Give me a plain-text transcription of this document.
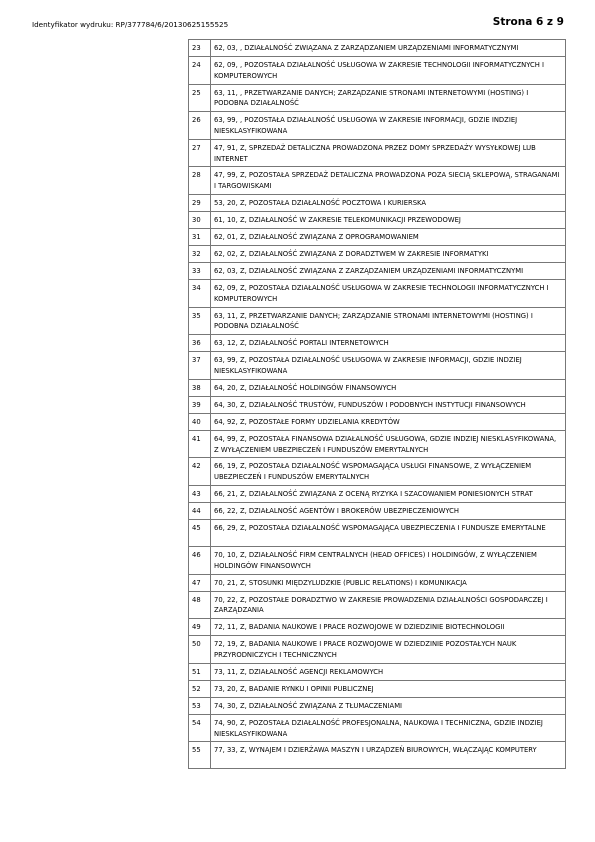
Identyfikator wydruku: RP/377784/6/20130625155525	Strona 6 z 9
23	62, 03, , DZIAŁALNOŚĆ ZWIĄZANA Z ZARZĄDZANIEM URZĄDZENIAMI INFORMATYCZNYMI
24	62, 09, , POZOSTAŁA DZIAŁALNOŚĆ USŁUGOWA W ZAKRESIE TECHNOLOGII INFORMATYCZNYCH I KOMPUTEROWYCH
25	63, 11, , PRZETWARZANIE DANYCH; ZARZĄDZANIE STRONAMI INTERNETOWYMI (HOSTING) I PODOBNA DZIAŁALNOŚĆ
26	63, 99, , POZOSTAŁA DZIAŁALNOŚĆ USŁUGOWA W ZAKRESIE INFORMACJI, GDZIE INDZIEJ NIESKLASYFIKOWANA
27	47, 91, Z, SPRZEDAŻ DETALICZNA PROWADZONA PRZEZ DOMY SPRZEDAŻY WYSYŁKOWEJ LUB INTERNET
28	47, 99, Z, POZOSTAŁA SPRZEDAŻ DETALICZNA PROWADZONA POZA SIECIĄ SKLEPOWĄ, STRAGANAMI I TARGOWISKAMI
29	53, 20, Z, POZOSTAŁA DZIAŁALNOŚĆ POCZTOWA I KURIERSKA
30	61, 10, Z, DZIAŁALNOŚĆ W ZAKRESIE TELEKOMUNIKACJI PRZEWODOWEJ
31	62, 01, Z, DZIAŁALNOŚĆ ZWIĄZANA Z OPROGRAMOWANIEM
32	62, 02, Z, DZIAŁALNOŚĆ ZWIĄZANA Z DORADZTWEM W ZAKRESIE INFORMATYKI
33	62, 03, Z, DZIAŁALNOŚĆ ZWIĄZANA Z ZARZĄDZANIEM URZĄDZENIAMI INFORMATYCZNYMI
34	62, 09, Z, POZOSTAŁA DZIAŁALNOŚĆ USŁUGOWA W ZAKRESIE TECHNOLOGII INFORMATYCZNYCH I KOMPUTEROWYCH
35	63, 11, Z, PRZETWARZANIE DANYCH; ZARZĄDZANIE STRONAMI INTERNETOWYMI (HOSTING) I PODOBNA DZIAŁALNOŚĆ
36	63, 12, Z, DZIAŁALNOŚĆ PORTALI INTERNETOWYCH
37	63, 99, Z, POZOSTAŁA DZIAŁALNOŚĆ USŁUGOWA W ZAKRESIE INFORMACJI, GDZIE INDZIEJ NIESKLASYFIKOWANA
38	64, 20, Z, DZIAŁALNOŚĆ HOLDINGÓW FINANSOWYCH
39	64, 30, Z, DZIAŁALNOŚĆ TRUSTÓW, FUNDUSZÓW I PODOBNYCH INSTYTUCJI FINANSOWYCH
40	64, 92, Z, POZOSTAŁE FORMY UDZIELANIA KREDYTÓW
41	64, 99, Z, POZOSTAŁA FINANSOWA DZIAŁALNOŚĆ USŁUGOWA, GDZIE INDZIEJ NIESKLASYFIKOWANA, Z WYŁĄCZENIEM UBEZPIECZEŃ I FUNDUSZÓW EMERYTALNYCH
42	66, 19, Z, POZOSTAŁA DZIAŁALNOŚĆ WSPOMAGAJĄCA USŁUGI FINANSOWE, Z WYŁĄCZENIEM UBEZPIECZEŃ I FUNDUSZÓW EMERYTALNYCH
43	66, 21, Z, DZIAŁALNOŚĆ ZWIĄZANA Z OCENĄ RYZYKA I SZACOWANIEM PONIESIONYCH STRAT
44	66, 22, Z, DZIAŁALNOŚĆ AGENTÓW I BROKERÓW UBEZPIECZENIOWYCH
45	66, 29, Z, POZOSTAŁA DZIAŁALNOŚĆ WSPOMAGAJĄCA UBEZPIECZENIA I FUNDUSZE EMERYTALNE
46	70, 10, Z, DZIAŁALNOŚĆ FIRM CENTRALNYCH (HEAD OFFICES) I HOLDINGÓW, Z WYŁĄCZENIEM HOLDINGÓW FINANSOWYCH
47	70, 21, Z, STOSUNKI MIĘDZYLUDZKIE (PUBLIC RELATIONS) I KOMUNIKACJA
48	70, 22, Z, POZOSTAŁE DORADZTWO W ZAKRESIE PROWADZENIA DZIAŁALNOŚCI GOSPODARCZEJ I ZARZĄDZANIA
49	72, 11, Z, BADANIA NAUKOWE I PRACE ROZWOJOWE W DZIEDZINIE BIOTECHNOLOGII
50	72, 19, Z, BADANIA NAUKOWE I PRACE ROZWOJOWE W DZIEDZINIE POZOSTAŁYCH NAUK PRZYRODNICZYCH I TECHNICZNYCH
51	73, 11, Z, DZIAŁALNOŚĆ AGENCJI REKLAMOWYCH
52	73, 20, Z, BADANIE RYNKU I OPINII PUBLICZNEJ
53	74, 30, Z, DZIAŁALNOŚĆ ZWIĄZANA Z TŁUMACZENIAMI
54	74, 90, Z, POZOSTAŁA DZIAŁALNOŚĆ PROFESJONALNA, NAUKOWA I TECHNICZNA, GDZIE INDZIEJ NIESKLASYFIKOWANA
55	77, 33, Z, WYNAJEM I DZIERŻAWA MASZYN I URZĄDZEŃ BIUROWYCH, WŁĄCZAJĄC KOMPUTERY
